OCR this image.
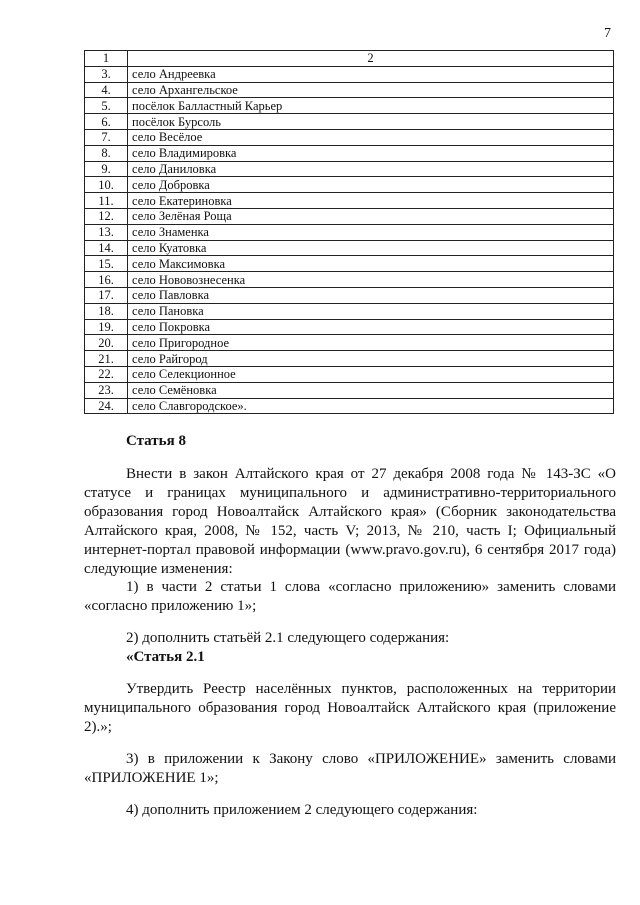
7
1	2
3.	село Андреевка
4.	село Архангельское
5.	посёлок Балластный Карьер
6.	посёлок Бурсоль
7.	село Весёлое
8.	село Владимировка
9.	село Даниловка
10.	село Добровка
11.	село Екатериновка
12.	село Зелёная Роща
13.	село Знаменка
14.	село Куатовка
15.	село Максимовка
16.	село Нововознесенка
17.	село Павловка
18.	село Пановка
19.	село Покровка
20.	село Пригородное
21.	село Райгород
22.	село Селекционное
23.	село Семёновка
24.	село Славгородское».
Статья 8
Внести в закон Алтайского края от 27 декабря 2008 года № 143-ЗС «О статусе и границах муниципального и административно-территориального образования город Новоалтайск Алтайского края» (Сборник законодательства Алтайского края, 2008, № 152, часть V; 2013, № 210, часть I; Официальный интернет-портал правовой информации (www.pravo.gov.ru), 6 сентября 2017 года) следующие изменения:
1) в части 2 статьи 1 слова «согласно приложению» заменить словами «согласно приложению 1»;
2) дополнить статьёй 2.1 следующего содержания:
«Статья 2.1
Утвердить Реестр населённых пунктов, расположенных на территории муниципального образования город Новоалтайск Алтайского края (приложение 2).»;
3) в приложении к Закону слово «ПРИЛОЖЕНИЕ» заменить словами «ПРИЛОЖЕНИЕ 1»;
4) дополнить приложением 2 следующего содержания:
